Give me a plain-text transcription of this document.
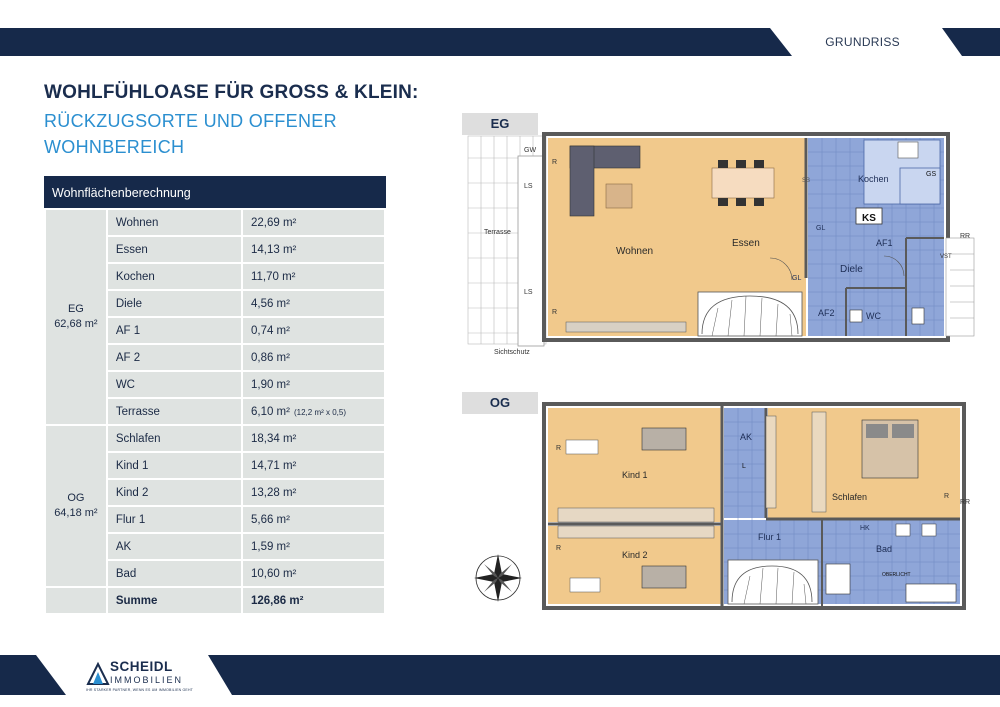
GRUNDRISS
WOHLFÜHLOASE FÜR GROSS & KLEIN:
RÜCKZUGSORTE UND OFFENER WOHNBEREICH
Wohnflächenberechnung
EG
62,68 m²	Wohnen	22,69 m²
	Essen	14,13 m²
	Kochen	11,70 m²
	Diele	4,56 m²
	AF 1	0,74 m²
	AF 2	0,86 m²
	WC	1,90 m²
	Terrasse	6,10 m² (12,2 m² x 0,5)

OG
64,18 m²	Schlafen	18,34 m²
	Kind 1	14,71 m²
	Kind 2	13,28 m²
	Flur 1	5,66 m²
	AK	1,59 m²
	Bad	10,60 m²
	Summe	126,86 m²
EG
OG
Wohnen
Essen
Kochen
KS
AF1
Diele
AF2	WC
Terrasse
GW
LS
LS
R
R
GL
GL
SB
GS
RR
VST
Sichtschutz
Kind 1
Kind 2
Schlafen
Flur 1
AK
Bad
HK
R
R
R
RR
L
OBERLICHT
SCHEIDL
IMMOBILIEN
IHR STARKER PARTNER, WENN ES UM IMMOBILIEN GEHT
